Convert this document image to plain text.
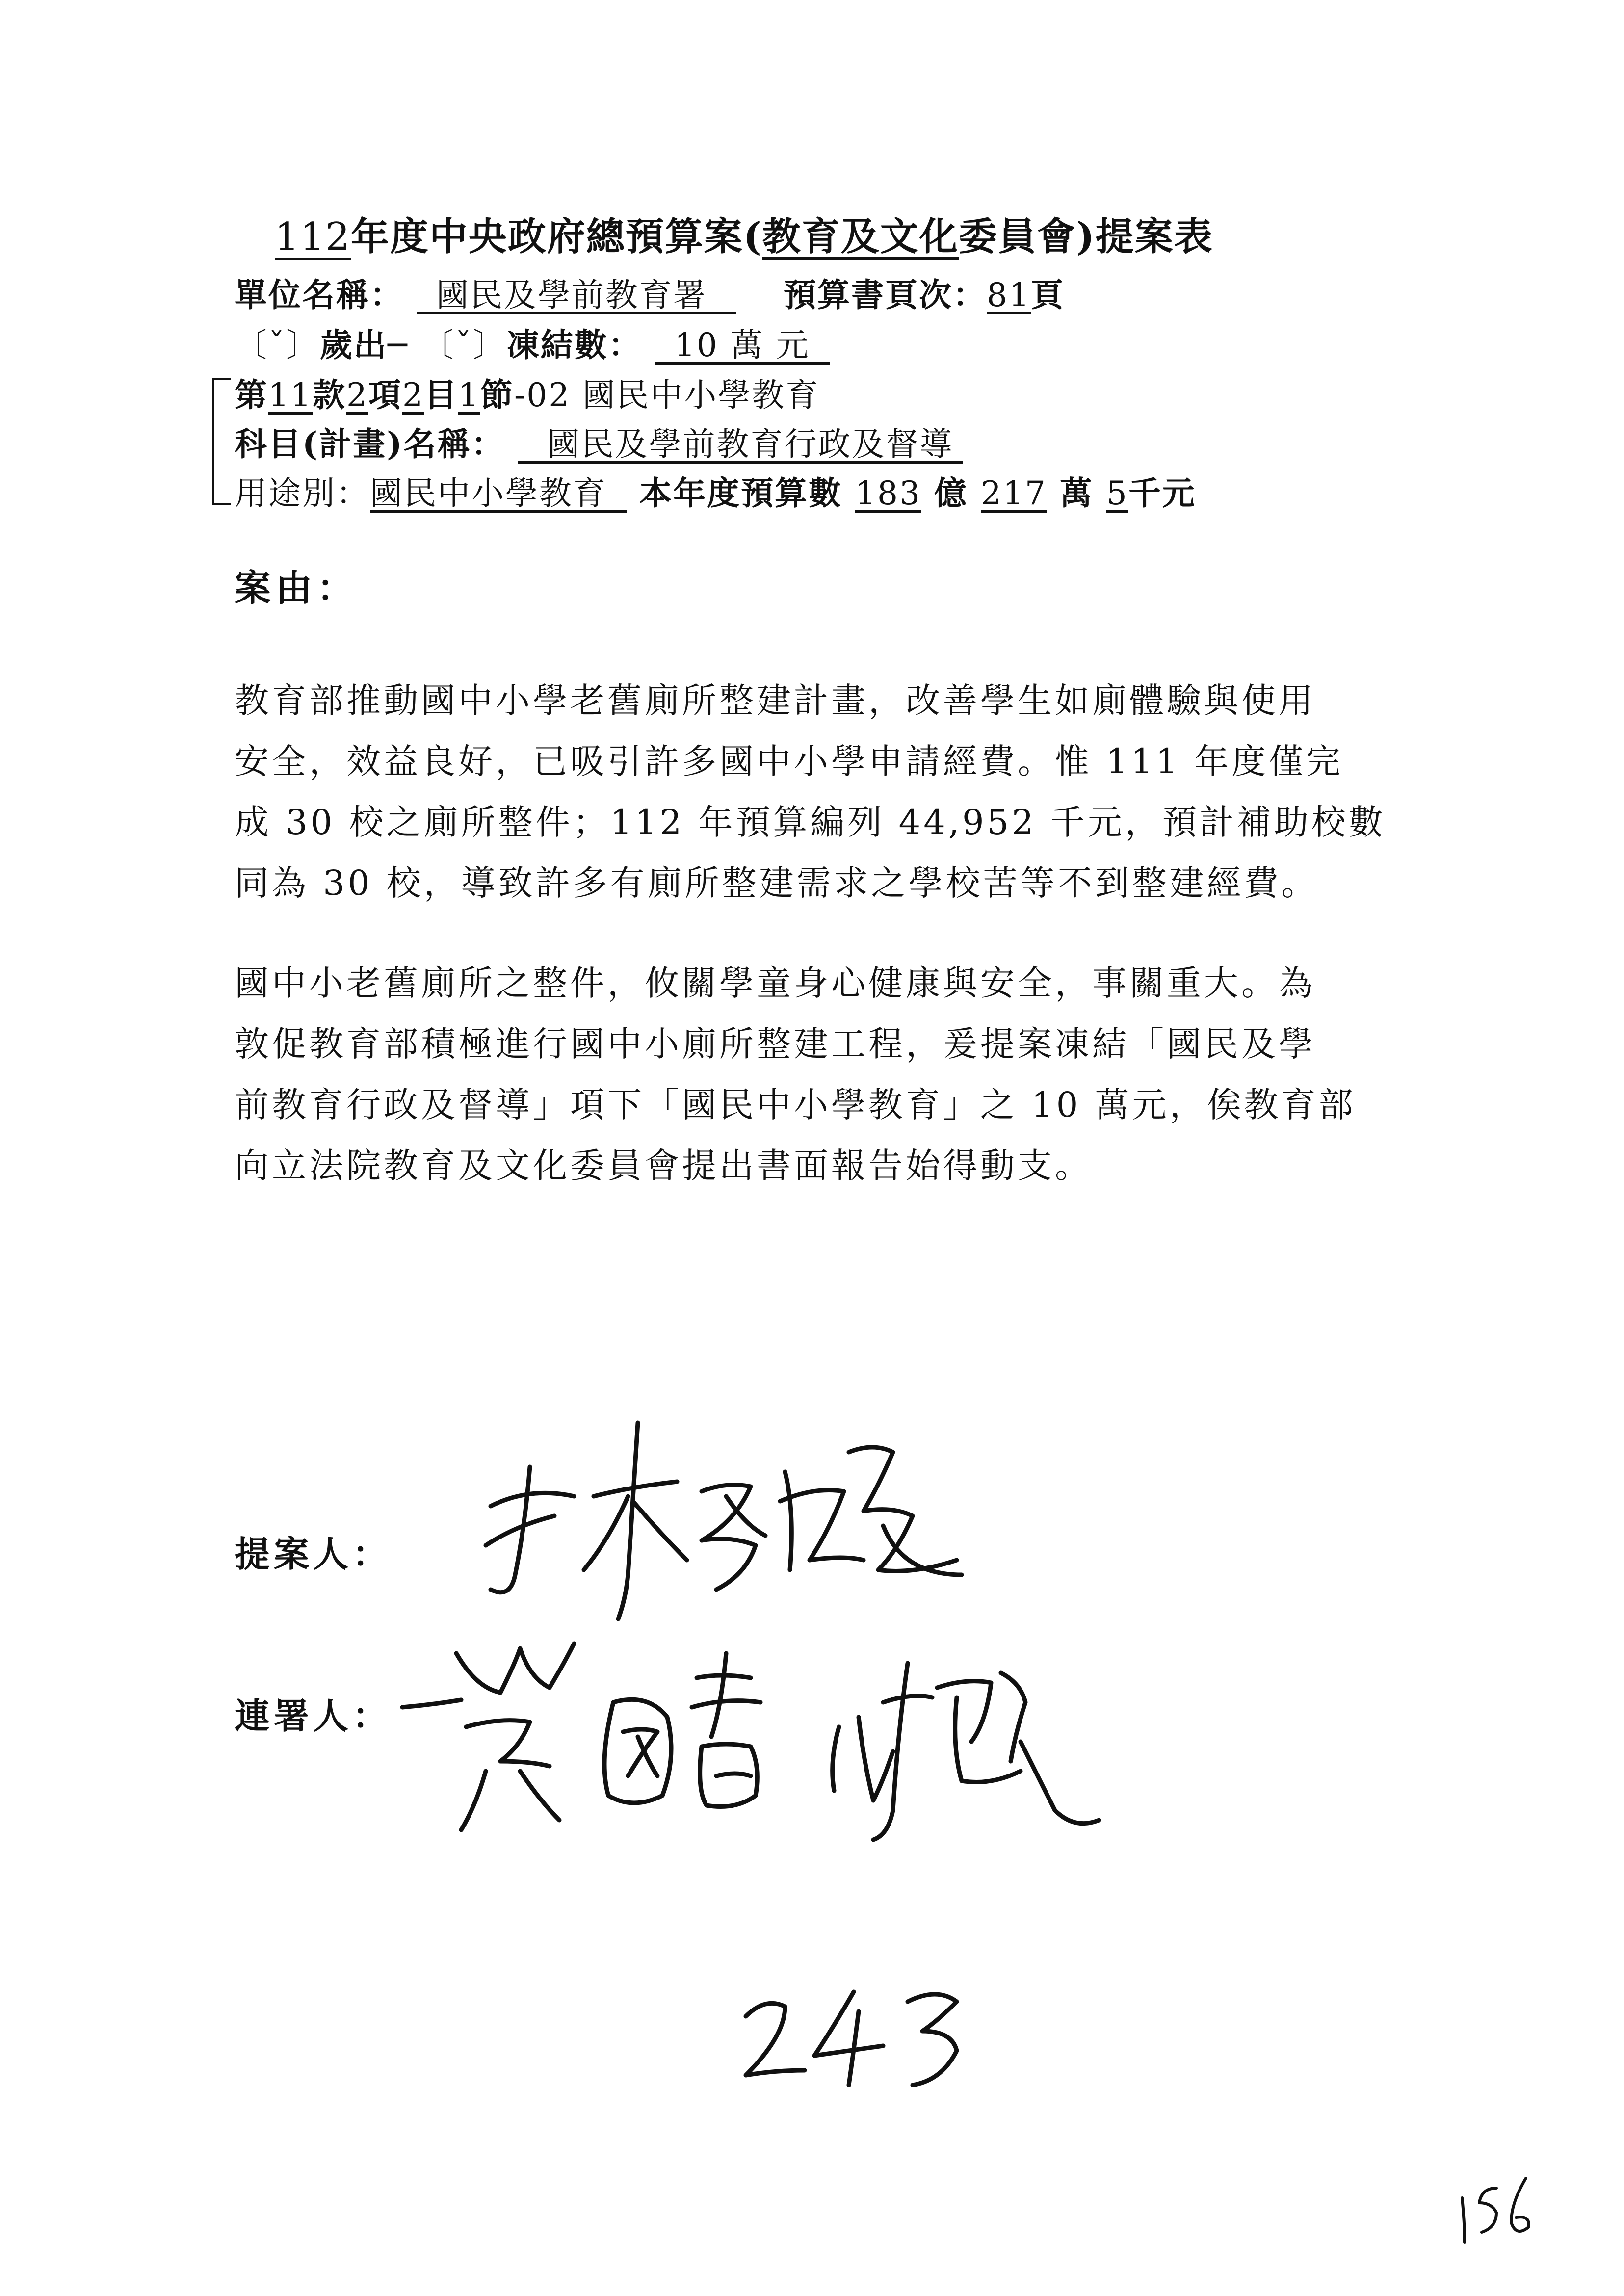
112年度中央政府總預算案(教育及文化委員會)提案表
單位名稱： 國民及學前教育署 預算書頁次：81頁
〔ˇ〕歲出─ 〔ˇ〕凍結數： 10 萬 元
第11款2項2目1節-02 國民中小學教育
科目(計畫)名稱： 國民及學前教育行政及督導
用途別：國民中小學教育 本年度預算數 183 億 217 萬 5千元
案由：

教育部推動國中小學老舊廁所整建計畫，改善學生如廁體驗與使用

安全，效益良好，已吸引許多國中小學申請經費。惟 111 年度僅完

成 30 校之廁所整件；112 年預算編列 44,952 千元，預計補助校數

同為 30 校，導致許多有廁所整建需求之學校苦等不到整建經費。

國中小老舊廁所之整件，攸關學童身心健康與安全，事關重大。為

敦促教育部積極進行國中小廁所整建工程，爰提案凍結「國民及學

前教育行政及督導」項下「國民中小學教育」之 10 萬元，俟教育部

向立法院教育及文化委員會提出書面報告始得動支。

提案人：
連署人：
